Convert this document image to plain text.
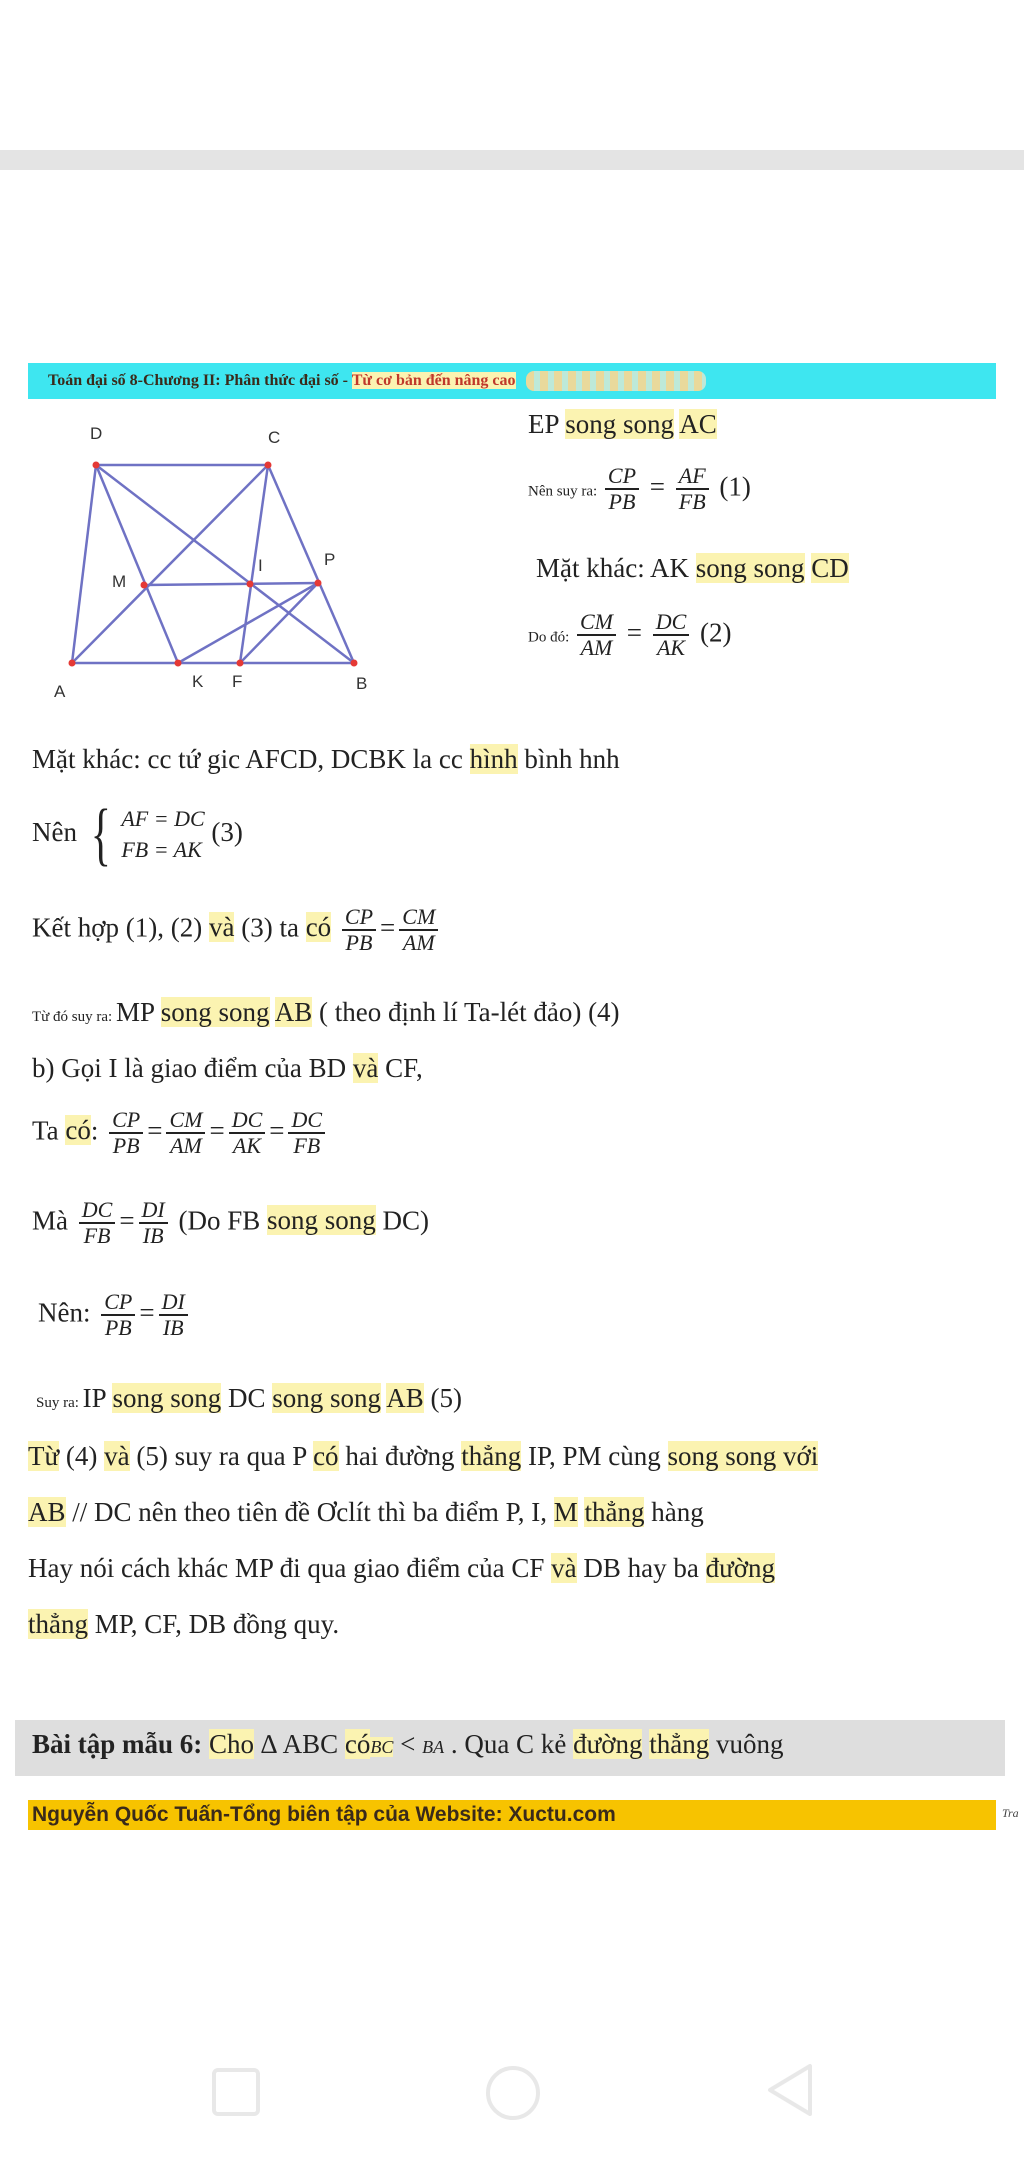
Toán đại số 8-Chương II: Phân thức đại số - Từ cơ bản đến nâng cao
D	C
M
I	P
A
K F	B
EP song song AC
Nên suy ra: $\frac{CP}{PB} = \frac{AF}{FB} (1)$
Mặt khác: AK song song CD
Do đó: $\frac{CM}{AM} = \frac{DC}{AK} (2)$
Mặt khác: cc tứ gic AFCD, DCBK la cc hình bình hnh
Nên { AF = DC
FB = AK
(3)
Kết hợp (1), (2) và (3) ta có $\frac{CP}{PB} = \frac{CM}{AM}$
Từ đó suy ra: MP song song AB ( theo định lí Ta-lét đảo) (4)
b) Gọi I là giao điểm của BD và CF,
Ta có: $\frac{CP}{PB} = \frac{CM}{AM} = \frac{DC}{AK} = \frac{DC}{FB}$
Mà $\frac{DC}{FB} = \frac{DI}{IB} (Do$ FB song song DC)
Nên: $\frac{CP}{PB} = \frac{DI}{IB}$
Suy ra: IP song song DC song song AB (5)
Từ (4) và (5) suy ra qua P có hai đường thẳng IP, PM cùng song song với
AB // DC nên theo tiên đề Ơclít thì ba điểm P, I, M thẳng hàng
Hay nói cách khác MP đi qua giao điểm của CF và DB hay ba đường
thẳng MP, CF, DB đồng quy.
Bài tập mẫu 6: Cho ∆ ABC cóBC < BA . Qua C kẻ đường thẳng vuông
Nguyễn Quốc Tuấn-Tổng biên tập của Website: Xuctu.com	Tra
